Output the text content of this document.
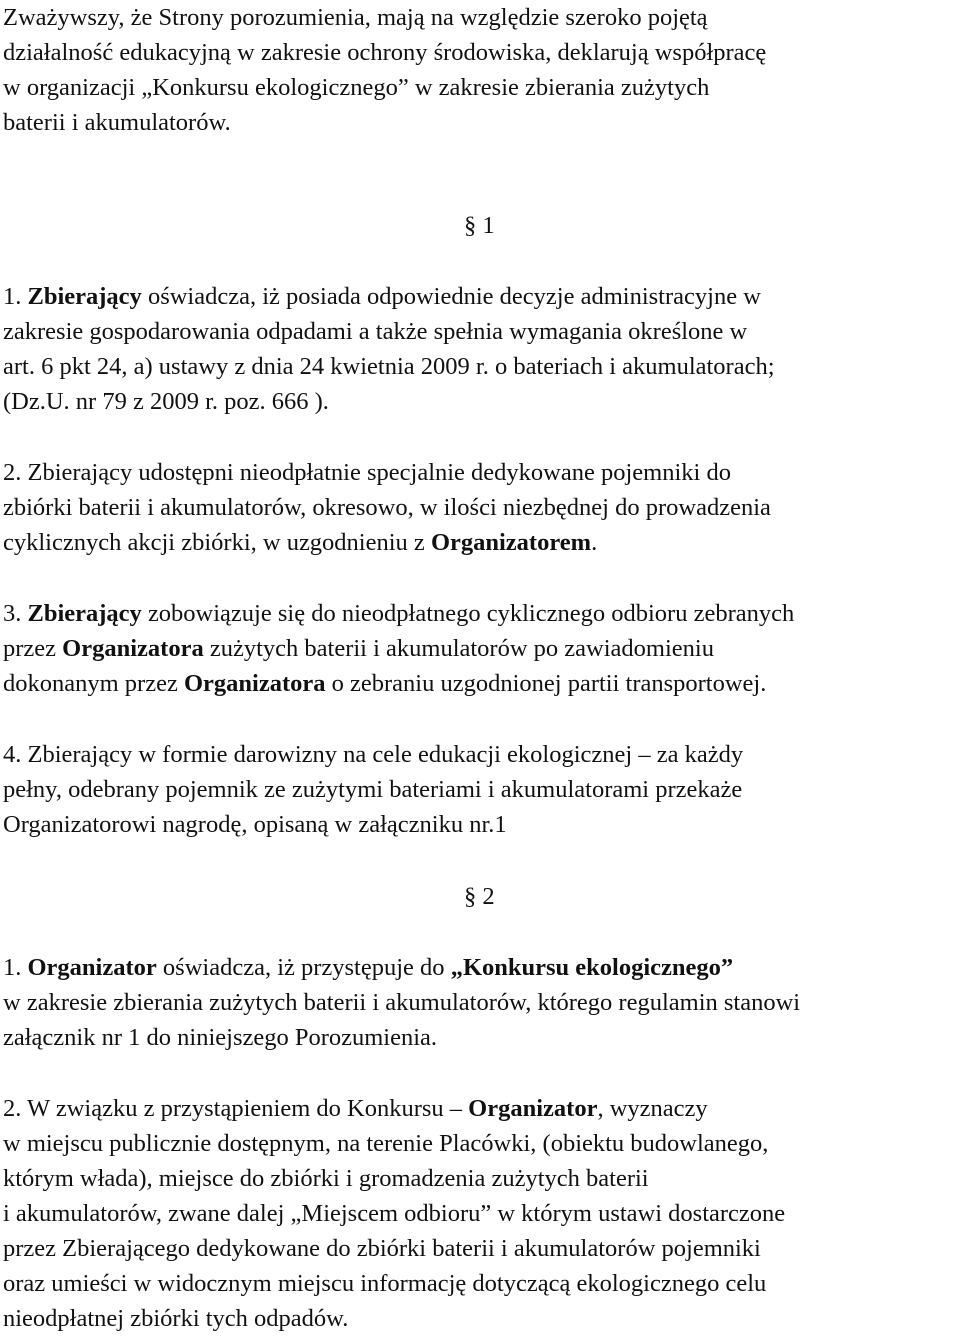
Zważywszy, że Strony porozumienia, mają na względzie szeroko pojętą
działalność edukacyjną w zakresie ochrony środowiska, deklarują współpracę
w organizacji „Konkursu ekologicznego” w zakresie zbierania zużytych
baterii i akumulatorów.

§ 1

1. Zbierający oświadcza, iż posiada odpowiednie decyzje administracyjne w
zakresie gospodarowania odpadami a także spełnia wymagania określone w
art. 6 pkt 24, a) ustawy z dnia 24 kwietnia 2009 r. o bateriach i akumulatorach;
(Dz.U. nr 79 z 2009 r. poz. 666 ).

2. Zbierający udostępni nieodpłatnie specjalnie dedykowane pojemniki do
zbiórki baterii i akumulatorów, okresowo, w ilości niezbędnej do prowadzenia
cyklicznych akcji zbiórki, w uzgodnieniu z Organizatorem.

3. Zbierający zobowiązuje się do nieodpłatnego cyklicznego odbioru zebranych
przez Organizatora zużytych baterii i akumulatorów po zawiadomieniu
dokonanym przez Organizatora o zebraniu uzgodnionej partii transportowej.

4. Zbierający w formie darowizny na cele edukacji ekologicznej – za każdy
pełny, odebrany pojemnik ze zużytymi bateriami i akumulatorami przekaże
Organizatorowi nagrodę, opisaną w załączniku nr.1

§ 2

1. Organizator oświadcza, iż przystępuje do „Konkursu ekologicznego”
w zakresie zbierania zużytych baterii i akumulatorów, którego regulamin stanowi
załącznik nr 1 do niniejszego Porozumienia.

2. W związku z przystąpieniem do Konkursu – Organizator, wyznaczy
w miejscu publicznie dostępnym, na terenie Placówki, (obiektu budowlanego,
którym włada), miejsce do zbiórki i gromadzenia zużytych baterii
i akumulatorów, zwane dalej „Miejscem odbioru” w którym ustawi dostarczone
przez Zbierającego dedykowane do zbiórki baterii i akumulatorów pojemniki
oraz umieści w widocznym miejscu informację dotyczącą ekologicznego celu
nieodpłatnej zbiórki tych odpadów.
